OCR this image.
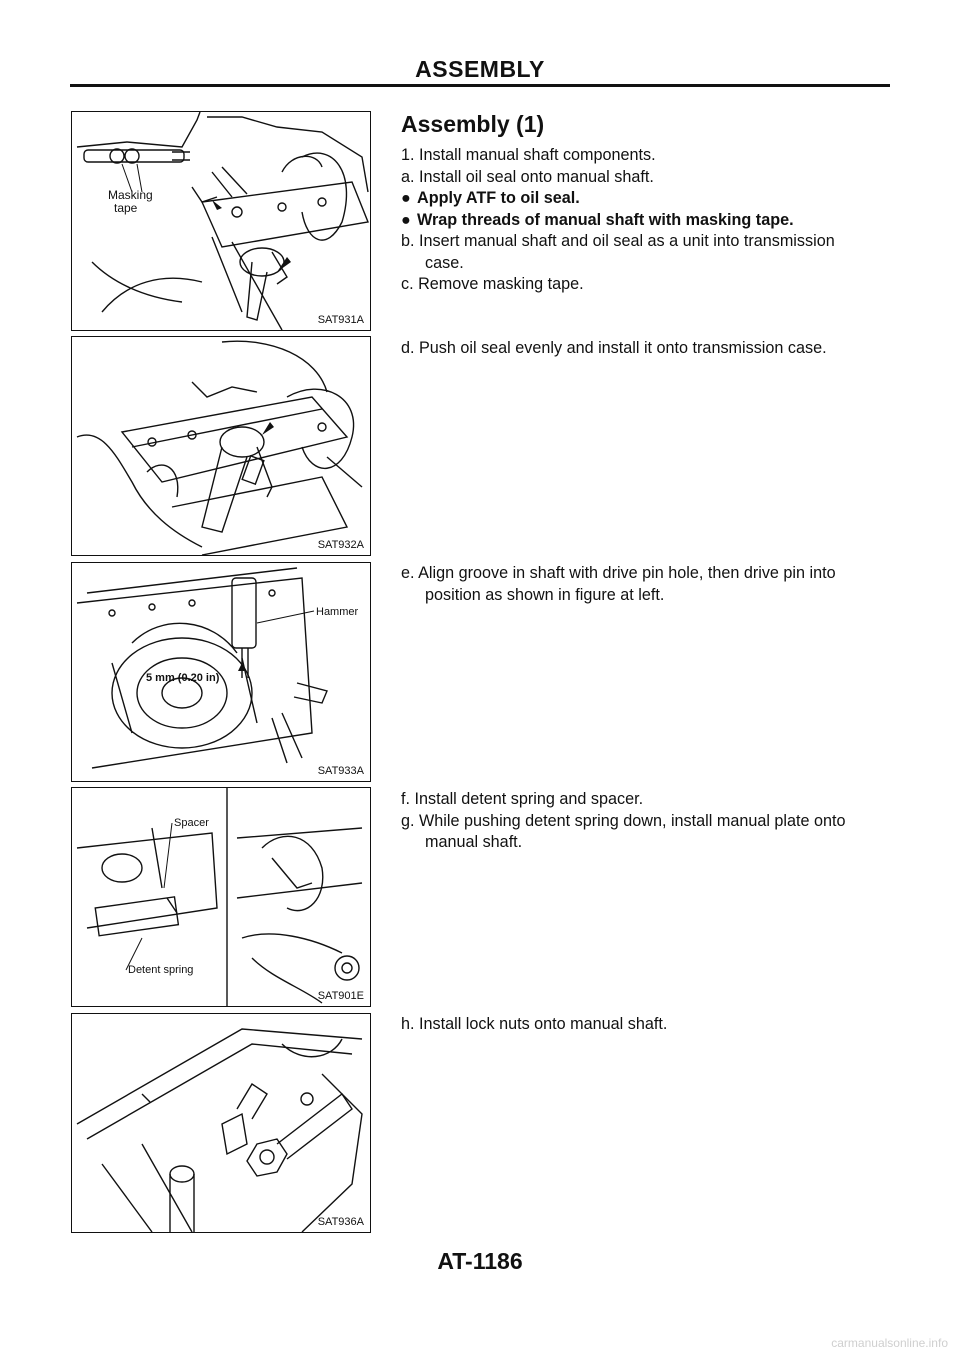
ASSEMBLY
Masking
tape
SAT931A
SAT932A
Hammer
5 mm (0.20 in)
SAT933A
Spacer
Detent spring
SAT901E
SAT936A
Assembly (1)

1. Install manual shaft components.

a. Install oil seal onto manual shaft.

● Apply ATF to oil seal.

● Wrap threads of manual shaft with masking tape.

b. Insert manual shaft and oil seal as a unit into transmission

case.

c. Remove masking tape.

d. Push oil seal evenly and install it onto transmission case.

e. Align groove in shaft with drive pin hole, then drive pin into

position as shown in figure at left.

f. Install detent spring and spacer.

g. While pushing detent spring down, install manual plate onto

manual shaft.

h. Install lock nuts onto manual shaft.

AT-1186
carmanualsonline.info
